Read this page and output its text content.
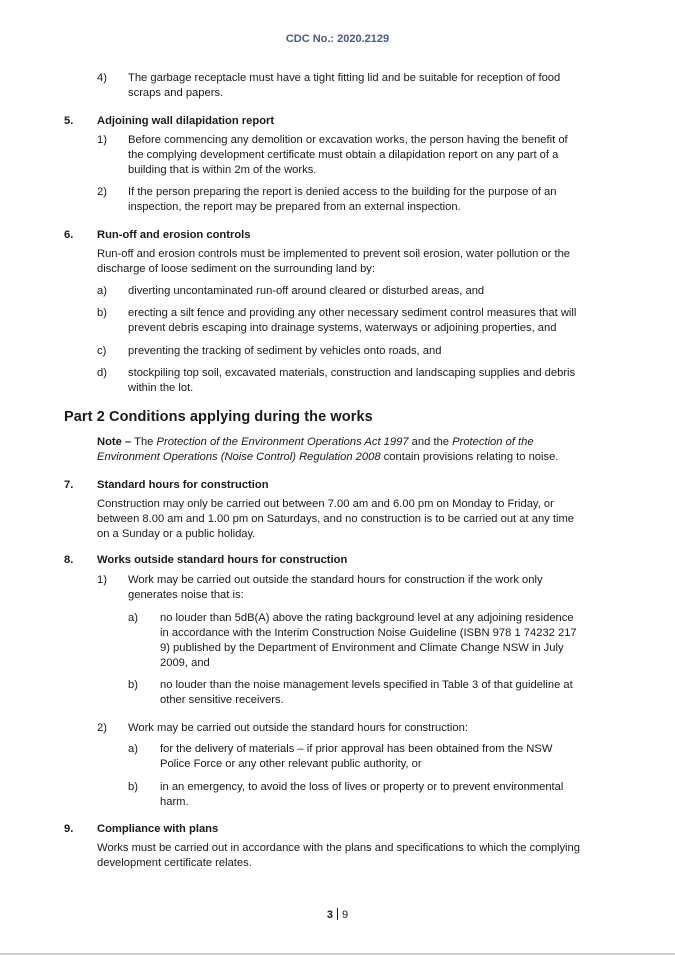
CDC No.: 2020.2129
4) The garbage receptacle must have a tight fitting lid and be suitable for reception of food
scraps and papers.
5. Adjoining wall dilapidation report
1) Before commencing any demolition or excavation works, the person having the benefit of
the complying development certificate must obtain a dilapidation report on any part of a
building that is within 2m of the works.
2) If the person preparing the report is denied access to the building for the purpose of an
inspection, the report may be prepared from an external inspection.
6. Run-off and erosion controls
Run-off and erosion controls must be implemented to prevent soil erosion, water pollution or the
discharge of loose sediment on the surrounding land by:
a) diverting uncontaminated run-off around cleared or disturbed areas, and
b) erecting a silt fence and providing any other necessary sediment control measures that will
prevent debris escaping into drainage systems, waterways or adjoining properties, and
c) preventing the tracking of sediment by vehicles onto roads, and
d) stockpiling top soil, excavated materials, construction and landscaping supplies and debris
within the lot.
Part 2 Conditions applying during the works
Note – The Protection of the Environment Operations Act 1997 and the Protection of the
Environment Operations (Noise Control) Regulation 2008 contain provisions relating to noise.
7. Standard hours for construction
Construction may only be carried out between 7.00 am and 6.00 pm on Monday to Friday, or
between 8.00 am and 1.00 pm on Saturdays, and no construction is to be carried out at any time
on a Sunday or a public holiday.
8. Works outside standard hours for construction
1) Work may be carried out outside the standard hours for construction if the work only
generates noise that is:
a) no louder than 5dB(A) above the rating background level at any adjoining residence
in accordance with the Interim Construction Noise Guideline (ISBN 978 1 74232 217
9) published by the Department of Environment and Climate Change NSW in July
2009, and
b) no louder than the noise management levels specified in Table 3 of that guideline at
other sensitive receivers.
2) Work may be carried out outside the standard hours for construction:
a) for the delivery of materials – if prior approval has been obtained from the NSW
Police Force or any other relevant public authority, or
b) in an emergency, to avoid the loss of lives or property or to prevent environmental
harm.
9. Compliance with plans
Works must be carried out in accordance with the plans and specifications to which the complying
development certificate relates.
3 9
